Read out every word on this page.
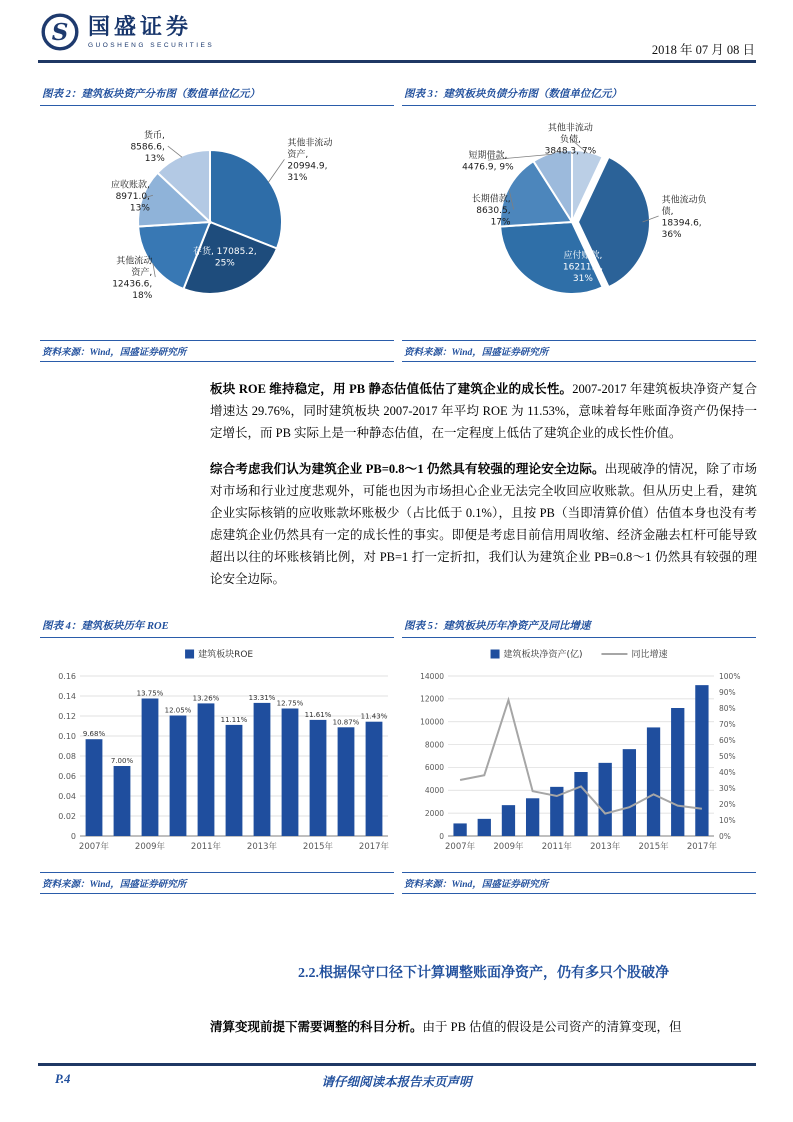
S 国盛证券
GUOSHENG SECURITIES	2018 年 07 月 08 日
图表 2：建筑板块资产分布图（数值单位亿元）
其他非流动
资产,
20994.9,
31%
存货, 17085.2,
25%
其他流动
资产,
12436.6,
18%
应收账款,
8971.0,
13%
货币,
8586.6,
13%
资料来源：Wind，国盛证券研究所
图表 3：建筑板块负债分布图（数值单位亿元）
其他非流动
负债,
3848.3, 7%
其他流动负
债,
18394.6,
36%
应付账款,
16211.1,
31%
长期借款,
8630.5,
17%
短期借款,
4476.9, 9%
资料来源：Wind，国盛证券研究所

板块 ROE 维持稳定，用 PB 静态估值低估了建筑企业的成长性。2007-2017 年建筑板块净资产复合增速达 29.76%，同时建筑板块 2007-2017 年平均 ROE 为 11.53%，意味着每年账面净资产仍保持一定增长，而 PB 实际上是一种静态估值，在一定程度上低估了建筑企业的成长性价值。

综合考虑我们认为建筑企业 PB=0.8～1 仍然具有较强的理论安全边际。出现破净的情况，除了市场对市场和行业过度悲观外，可能也因为市场担心企业无法完全收回应收账款。但从历史上看，建筑企业实际核销的应收账款坏账极少（占比低于 0.1%），且按 PB（当即清算价值）估值本身也没有考虑建筑企业仍然具有一定的成长性的事实。即便是考虑目前信用周收缩、经济金融去杠杆可能导致超出以往的坏账核销比例，对 PB=1 打一定折扣，我们认为建筑企业 PB=0.8～1 仍然具有较强的理论安全边际。

图表 4：建筑板块历年 ROE
建筑板块ROE
0
0.02
0.04
0.06
0.08
0.10
0.12
0.14
0.16
9.68%
7.00%
13.75%
12.05%
13.26%
11.11%
13.31%
12.75%
11.61%
10.87%
11.43%
2007年	2009年	2011年	2013年	2015年	2017年
资料来源：Wind，国盛证券研究所
图表 5：建筑板块历年净资产及同比增速
建筑板块净资产(亿)	同比增速
0
2000
4000
6000
8000
10000
12000
14000
0%
10%
20%
30%
40%
50%
60%
70%
80%
90%
100%
2007年 2009年 2011年 2013年 2015年 2017年
资料来源：Wind，国盛证券研究所
2.2.根据保守口径下计算调整账面净资产，仍有多只个股破净

清算变现前提下需要调整的科目分析。由于 PB 估值的假设是公司资产的清算变现，但

P.4	请仔细阅读本报告末页声明
